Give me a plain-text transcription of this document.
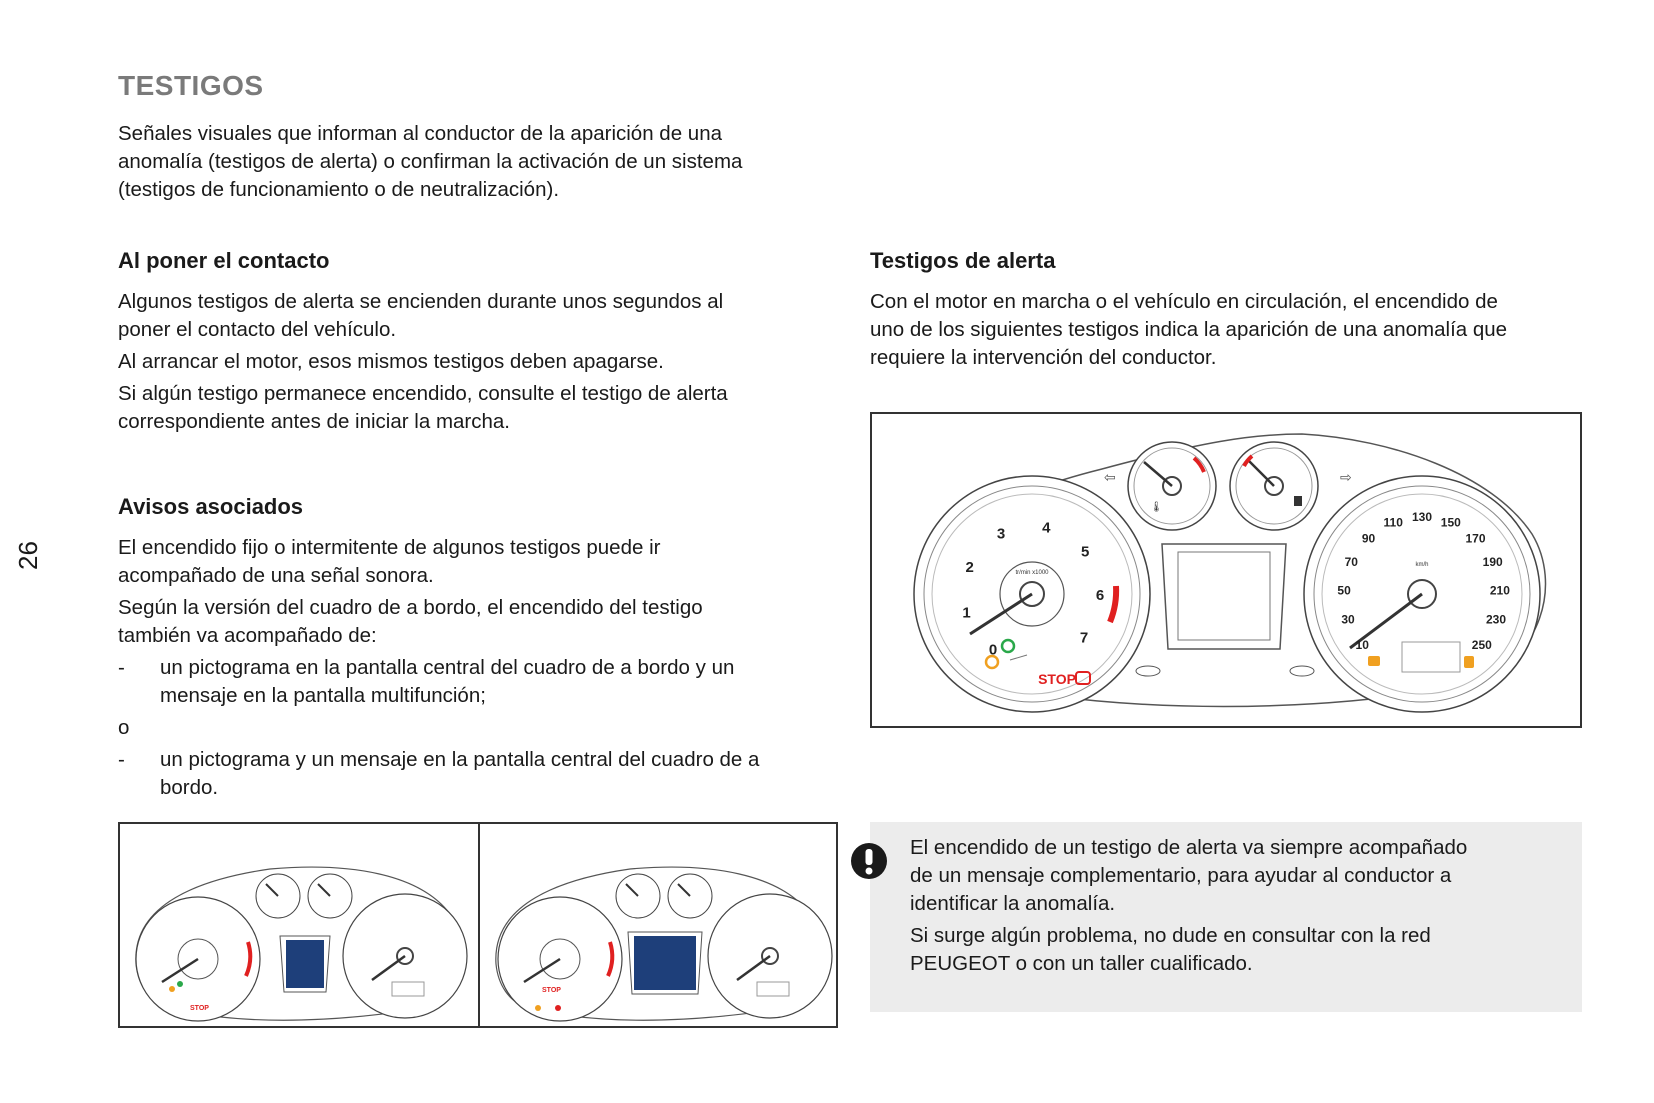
26
TESTIGOS

Señales visuales que informan al conductor de la aparición de una

anomalía (testigos de alerta) o confirman la activación de un sistema

(testigos de funcionamiento o de neutralización).

Al poner el contacto

Algunos testigos de alerta se encienden durante unos segundos al

poner el contacto del vehículo.

Al arrancar el motor, esos mismos testigos deben apagarse.

Si algún testigo permanece encendido, consulte el testigo de alerta

correspondiente antes de iniciar la marcha.

Avisos asociados

El encendido fijo o intermitente de algunos testigos puede ir

acompañado de una señal sonora.

Según la versión del cuadro de a bordo, el encendido del testigo

también va acompañado de:

-	un pictograma en la pantalla central del cuadro de a bordo y un
mensaje en la pantalla multifunción;

o

-	un pictograma y un mensaje en la pantalla central del cuadro de a
bordo.
Testigos de alerta

Con el motor en marcha o el vehículo en circulación, el encendido de

uno de los siguientes testigos indica la aparición de una anomalía que

requiere la intervención del conductor.

0
1
2
3 4
5
6
7
tr/min x1000
STOP
🌡
⇦	⇨
10
30
50
70
90
110 130 150
170
190
210
230
250
km/h
STOP
STOP

El encendido de un testigo de alerta va siempre acompañado

de un mensaje complementario, para ayudar al conductor a

identificar la anomalía.

Si surge algún problema, no dude en consultar con la red

PEUGEOT o con un taller cualificado.
